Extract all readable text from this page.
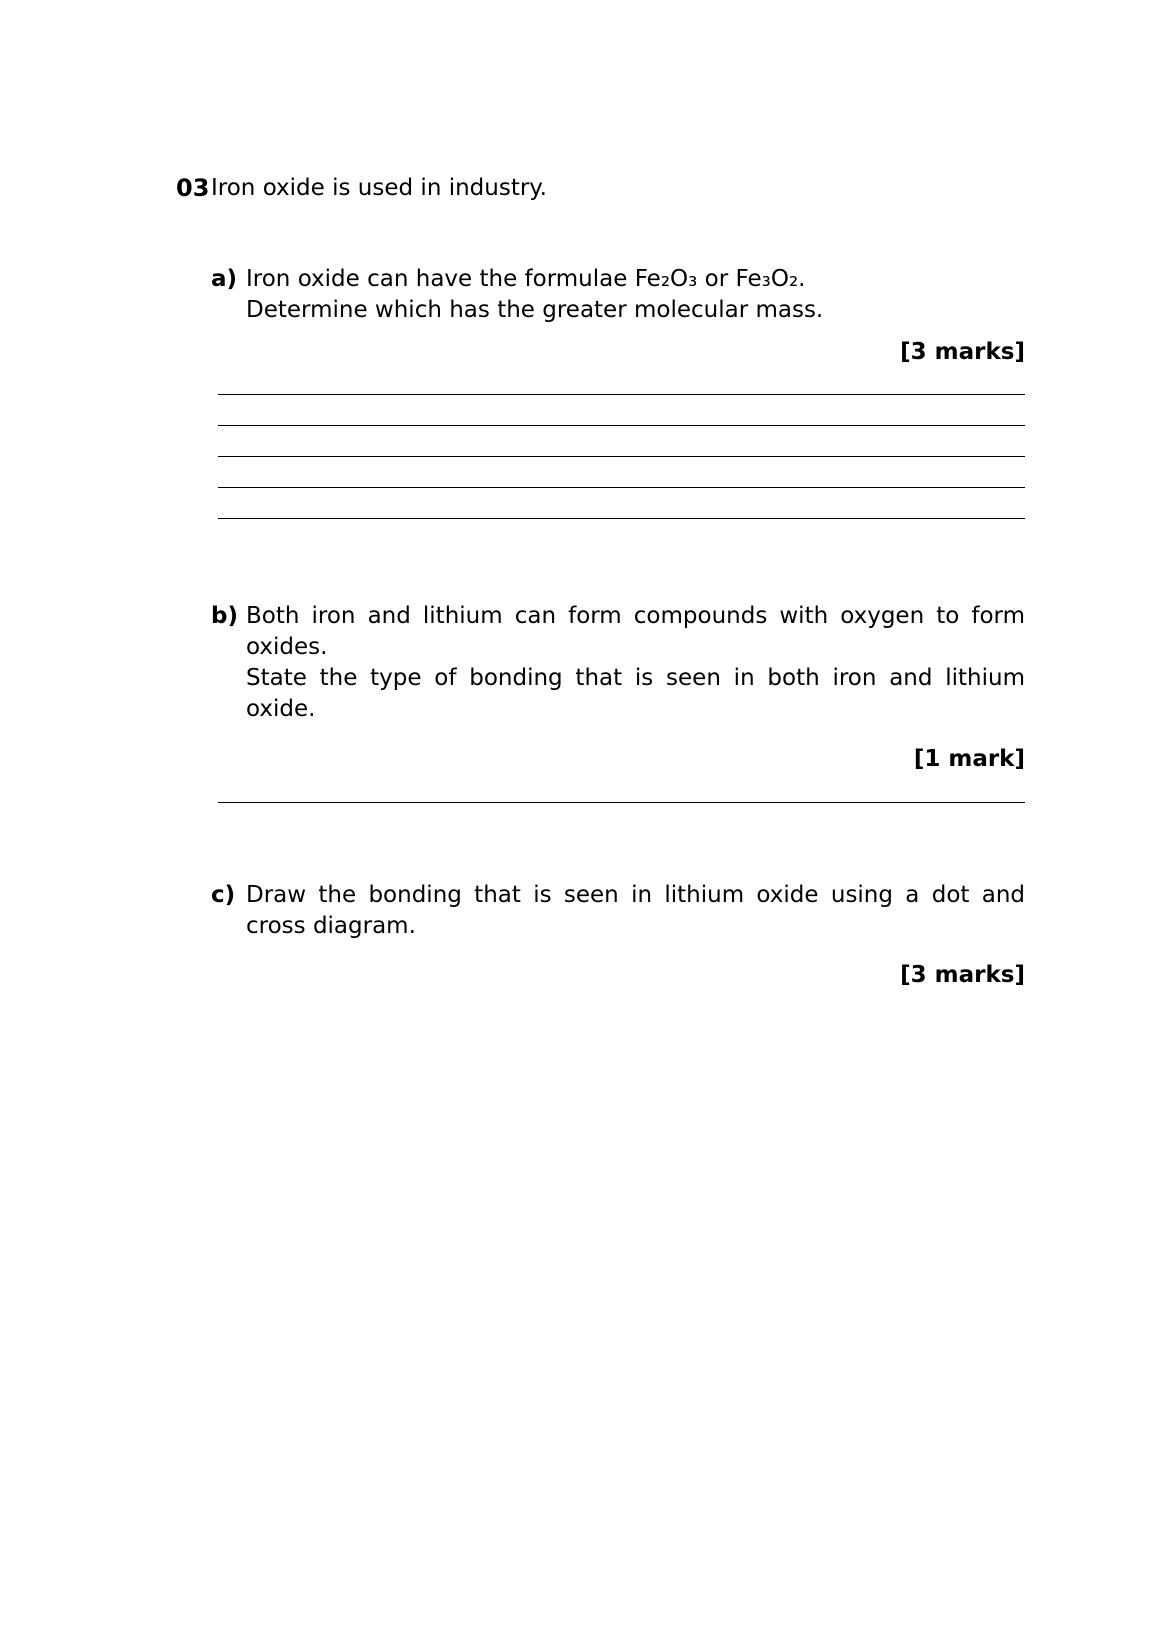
03 Iron oxide is used in industry.
a) Iron oxide can have the formulae Fe₂O₃ or Fe₃O₂.

Determine which has the greater molecular mass.

[3 marks]
b) Both iron and lithium can form compounds with oxygen to form oxides.

State the type of bonding that is seen in both iron and lithium oxide.

[1 mark]
c) Draw the bonding that is seen in lithium oxide using a dot and cross diagram.

[3 marks]
